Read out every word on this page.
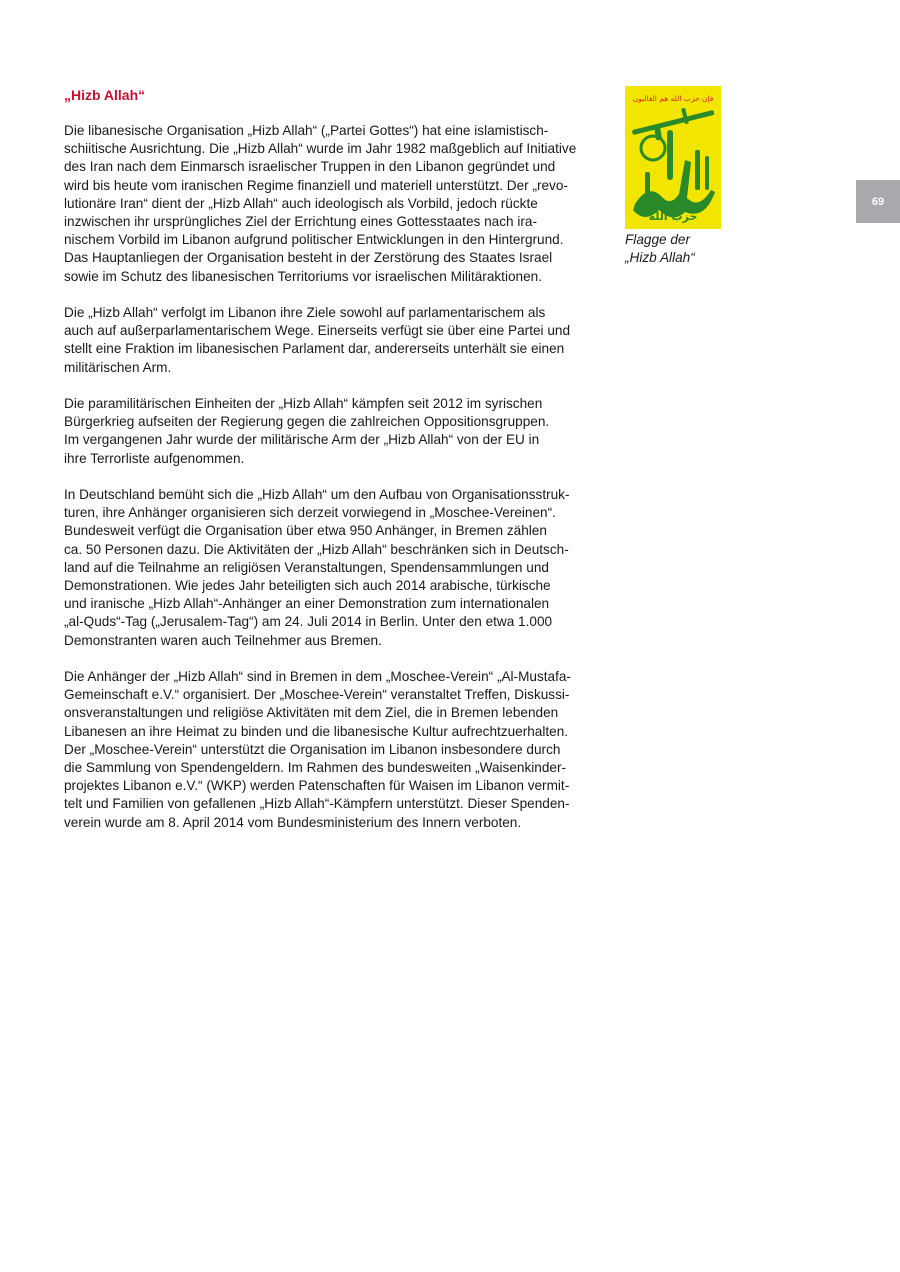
„Hizb Allah“

Die libanesische Organisation „Hizb Allah“ („Partei Gottes“) hat eine islamistisch-
schiitische Ausrichtung. Die „Hizb Allah“ wurde im Jahr 1982 maßgeblich auf Initiative
des Iran nach dem Einmarsch israelischer Truppen in den Libanon gegründet und
wird bis heute vom iranischen Regime finanziell und materiell unterstützt. Der „revo-
lutionäre Iran“ dient der „Hizb Allah“ auch ideologisch als Vorbild, jedoch rückte
inzwischen ihr ursprüngliches Ziel der Errichtung eines Gottesstaates nach ira-
nischem Vorbild im Libanon aufgrund politischer Entwicklungen in den Hintergrund.
Das Hauptanliegen der Organisation besteht in der Zerstörung des Staates Israel
sowie im Schutz des libanesischen Territoriums vor israelischen Militäraktionen.

Die „Hizb Allah“ verfolgt im Libanon ihre Ziele sowohl auf parlamentarischem als
auch auf außerparlamentarischem Wege. Einerseits verfügt sie über eine Partei und
stellt eine Fraktion im libanesischen Parlament dar, andererseits unterhält sie einen
militärischen Arm.

Die paramilitärischen Einheiten der „Hizb Allah“ kämpfen seit 2012 im syrischen
Bürgerkrieg aufseiten der Regierung gegen die zahlreichen Oppositionsgruppen.
Im vergangenen Jahr wurde der militärische Arm der „Hizb Allah“ von der EU in
ihre Terrorliste aufgenommen.

In Deutschland bemüht sich die „Hizb Allah“ um den Aufbau von Organisationsstruk-
turen, ihre Anhänger organisieren sich derzeit vorwiegend in „Moschee-Vereinen“.
Bundesweit verfügt die Organisation über etwa 950 Anhänger, in Bremen zählen
ca. 50 Personen dazu. Die Aktivitäten der „Hizb Allah“ beschränken sich in Deutsch-
land auf die Teilnahme an religiösen Veranstaltungen, Spendensammlungen und
Demonstrationen. Wie jedes Jahr beteiligten sich auch 2014 arabische, türkische
und iranische „Hizb Allah“-Anhänger an einer Demonstration zum internationalen
„al-Quds“-Tag („Jerusalem-Tag“) am 24. Juli 2014 in Berlin. Unter den etwa 1.000
Demonstranten waren auch Teilnehmer aus Bremen.

Die Anhänger der „Hizb Allah“ sind in Bremen in dem „Moschee-Verein“ „Al-Mustafa-
Gemeinschaft e.V.“ organisiert. Der „Moschee-Verein“ veranstaltet Treffen, Diskussi-
onsveranstaltungen und religiöse Aktivitäten mit dem Ziel, die in Bremen lebenden
Libanesen an ihre Heimat zu binden und die libanesische Kultur aufrechtzuerhalten.
Der „Moschee-Verein“ unterstützt die Organisation im Libanon insbesondere durch
die Sammlung von Spendengeldern. Im Rahmen des bundesweiten „Waisenkinder-
projektes Libanon e.V.“ (WKP) werden Patenschaften für Waisen im Libanon vermit-
telt und Familien von gefallenen „Hizb Allah“-Kämpfern unterstützt. Dieser Spenden-
verein wurde am 8. April 2014 vom Bundesministerium des Innern verboten.

فإن حزب الله هم الغالبون
حزب الله
Flagge der
„Hizb Allah“
69
